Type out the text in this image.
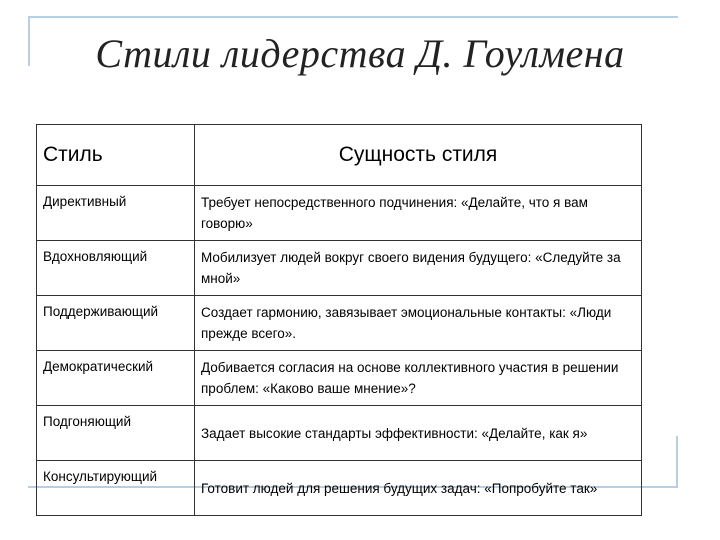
Стили лидерства Д. Гоулмена
Стиль	Сущность стиля
Директивный	Требует непосредственного подчинения: «Делайте, что я вам говорю»
Вдохновляющий	Мобилизует людей вокруг своего видения будущего: «Следуйте за мной»
Поддерживающий	Создает гармонию, завязывает эмоциональные контакты: «Люди прежде всего».
Демократический	Добивается согласия на основе коллективного участия в решении проблем: «Каково ваше мнение»?
Подгоняющий	Задает высокие стандарты эффективности: «Делайте, как я»
Консультирующий	Готовит людей для решения будущих задач: «Попробуйте так»
